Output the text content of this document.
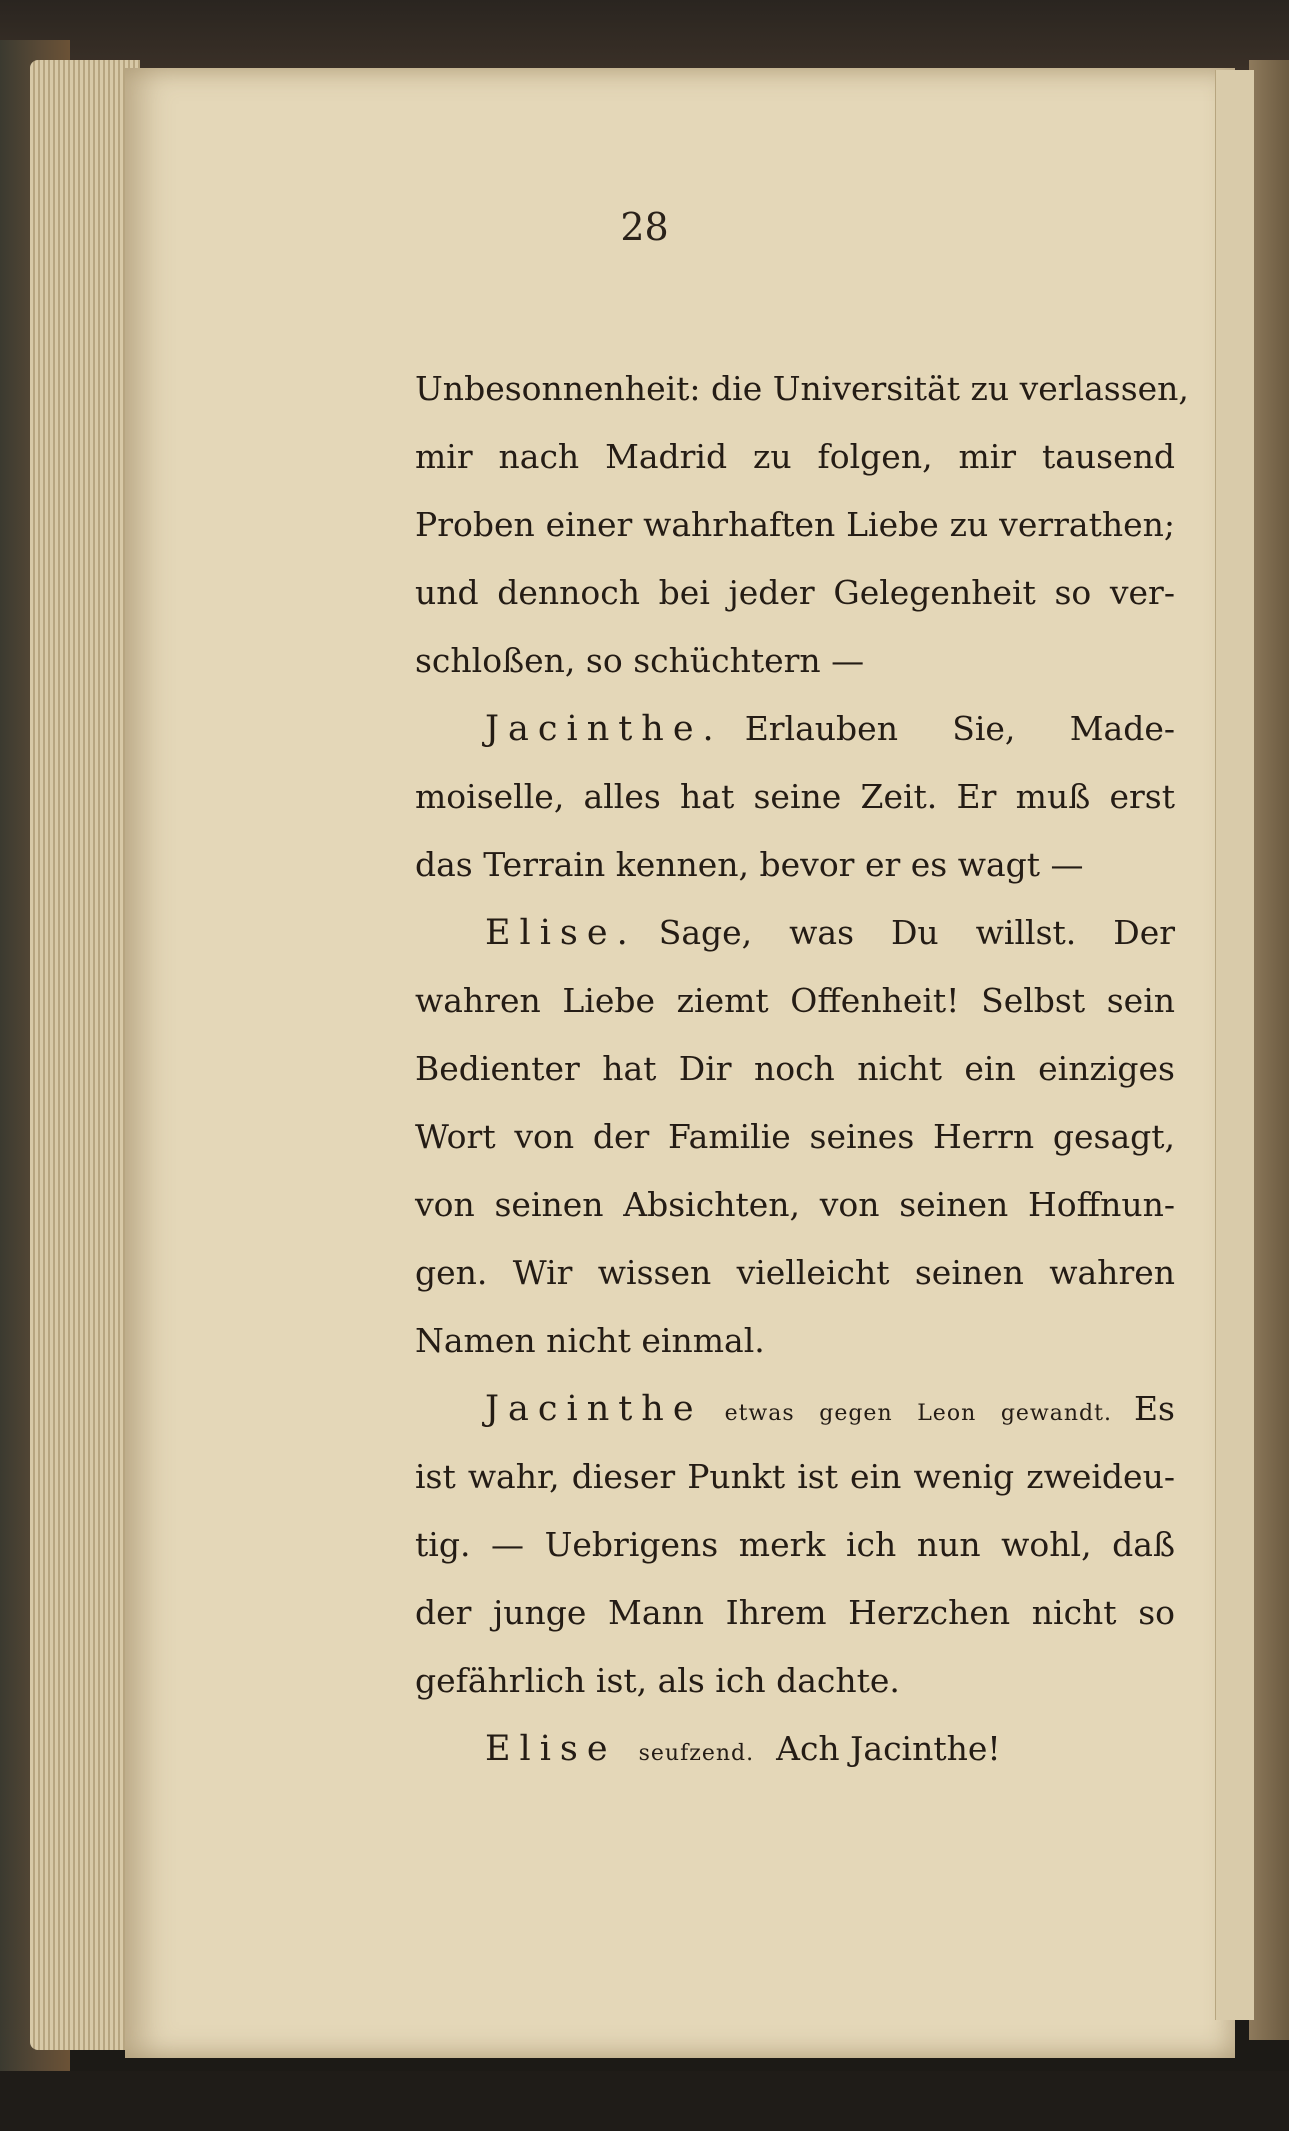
28
Unbesonnenheit: die Universität zu verlassen,
mir nach Madrid zu folgen, mir tausend
Proben einer wahrhaften Liebe zu verrathen;
und dennoch bei jeder Gelegenheit so ver-
schloßen, so schüchtern —
Jacinthe. Erlauben Sie, Made-
moiselle, alles hat seine Zeit. Er muß erst
das Terrain kennen, bevor er es wagt —
Elise. Sage, was Du willst. Der
wahren Liebe ziemt Offenheit! Selbst sein
Bedienter hat Dir noch nicht ein einziges
Wort von der Familie seines Herrn gesagt,
von seinen Absichten, von seinen Hoffnun-
gen. Wir wissen vielleicht seinen wahren
Namen nicht einmal.
Jacinthe etwas gegen Leon gewandt. Es
ist wahr, dieser Punkt ist ein wenig zweideu-
tig. — Uebrigens merk ich nun wohl, daß
der junge Mann Ihrem Herzchen nicht so
gefährlich ist, als ich dachte.
Elise seufzend. Ach Jacinthe!
